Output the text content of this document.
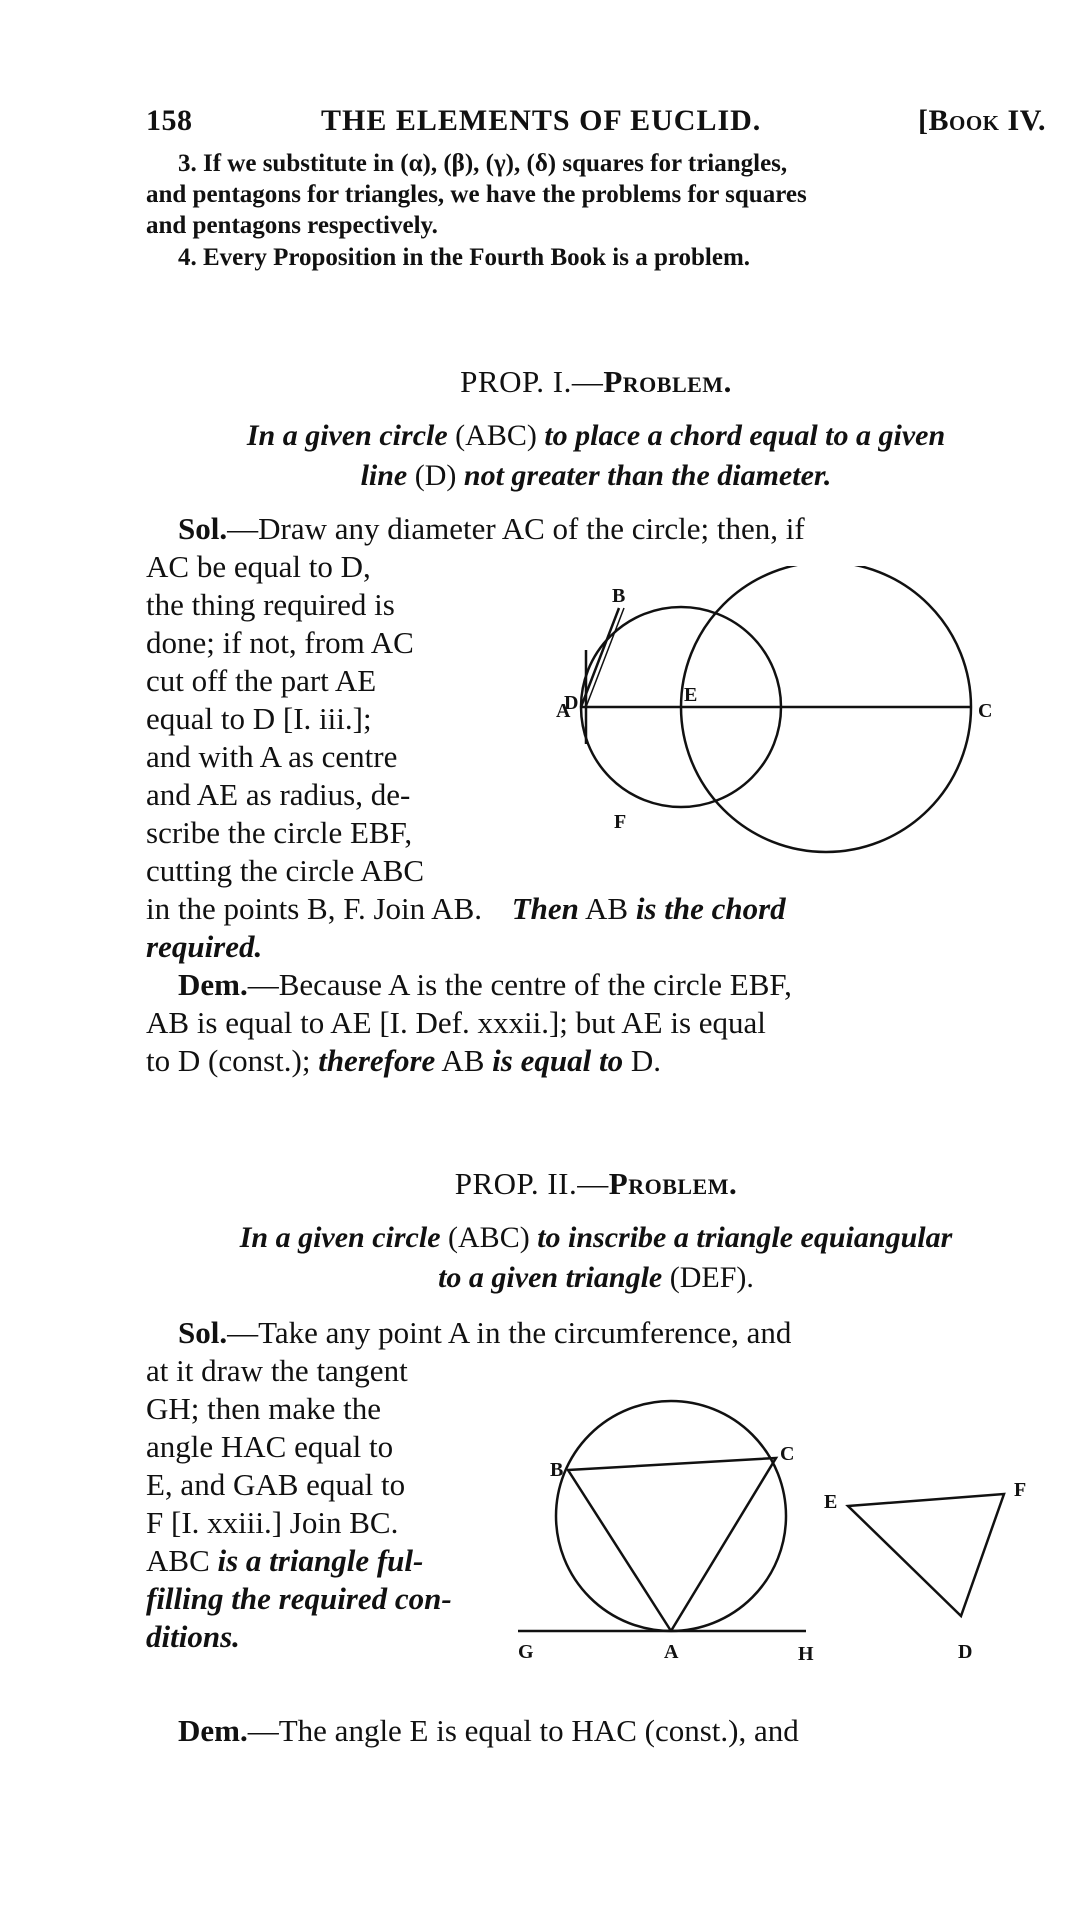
158	THE ELEMENTS OF EUCLID.	[Book IV.
3. If we substitute in (α), (β), (γ), (δ) squares for triangles,
and pentagons for triangles, we have the problems for squares
and pentagons respectively.
4. Every Proposition in the Fourth Book is a problem.
PROP. I.—Problem.
In a given circle (ABC) to place a chord equal to a given
line (D) not greater than the diameter.
Sol.—Draw any diameter AC of the circle; then, if
AC be equal to D,
the thing required is
done; if not, from AC
cut off the part AE
equal to D [I. iii.];
and with A as centre
and AE as radius, de-
scribe the circle EBF,
cutting the circle ABC
D
B
A
E
C
F
in the points B, F. Join AB. Then AB is the chord
required.
Dem.—Because A is the centre of the circle EBF,
AB is equal to AE [I. Def. xxxii.]; but AE is equal
to D (const.); therefore AB is equal to D.
PROP. II.—Problem.
In a given circle (ABC) to inscribe a triangle equiangular
to a given triangle (DEF).
Sol.—Take any point A in the circumference, and
at it draw the tangent
GH; then make the
angle HAC equal to
E, and GAB equal to
F [I. xxiii.] Join BC.
ABC is a triangle ful-
filling the required con-
ditions.
B
C
E
F
G	A	H	D
Dem.—The angle E is equal to HAC (const.), and
